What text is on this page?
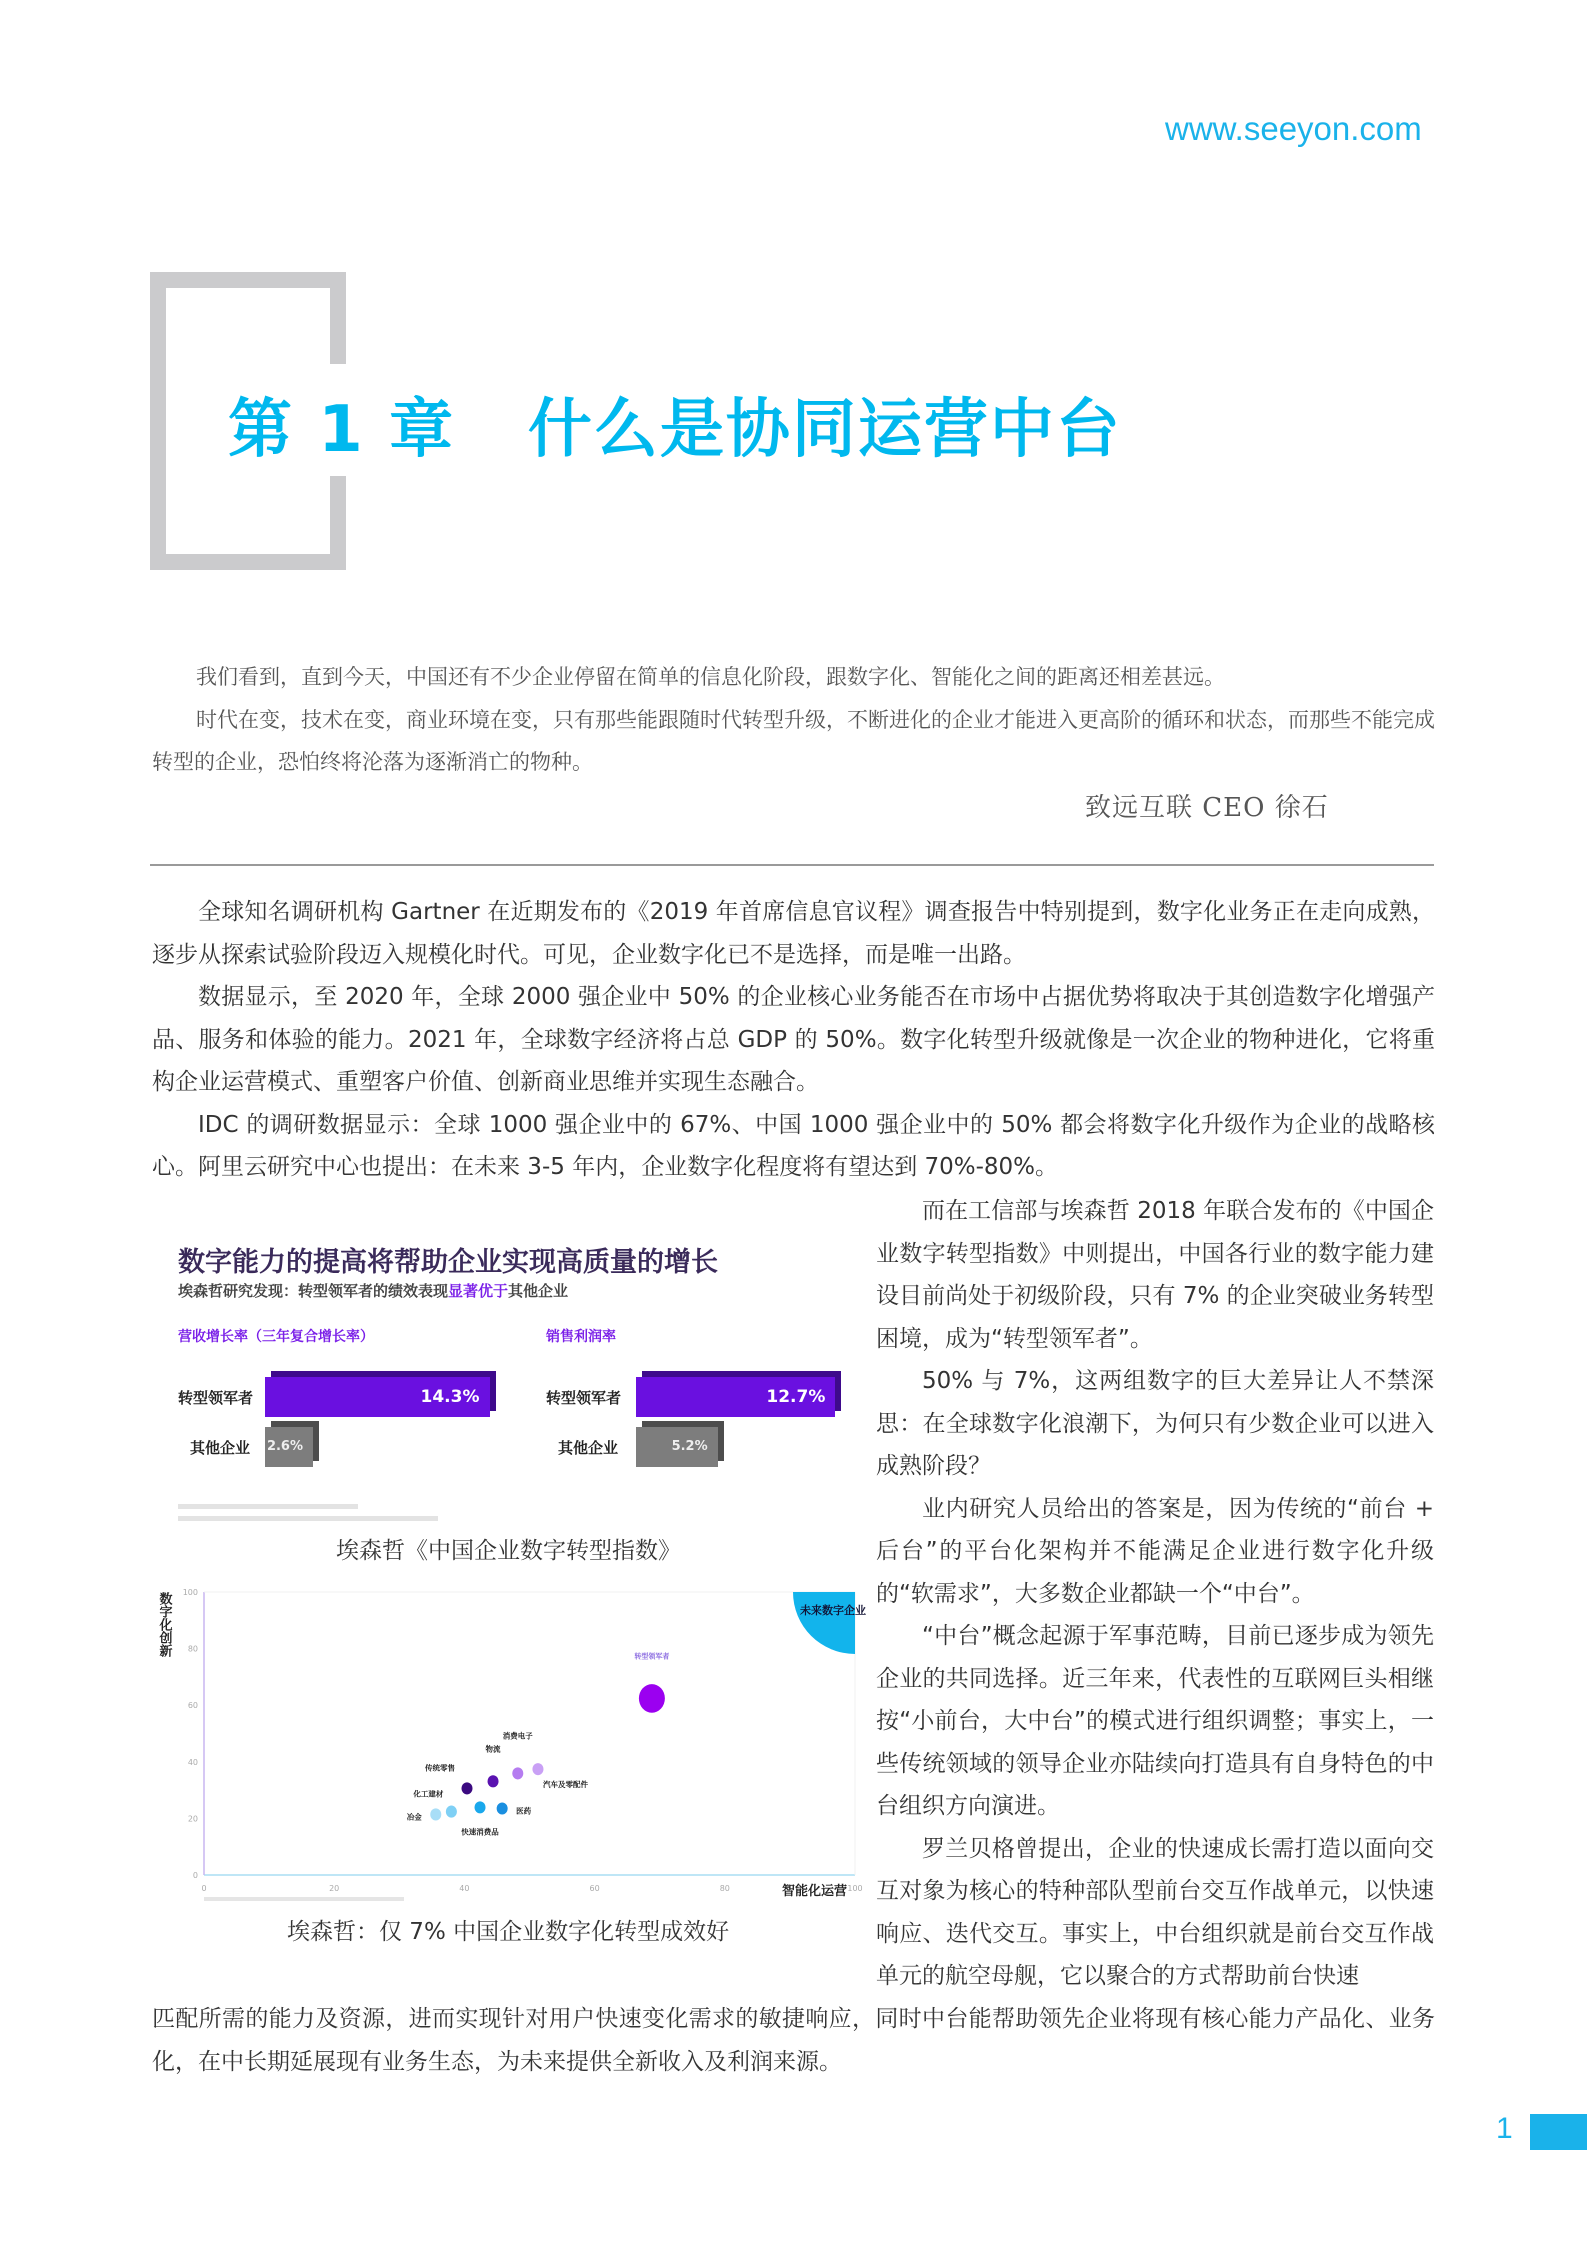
www.seeyon.com
第 1 章   什么是协同运营中台

我们看到，直到今天，中国还有不少企业停留在简单的信息化阶段，跟数字化、智能化之间的距离还相差甚远。

时代在变，技术在变，商业环境在变，只有那些能跟随时代转型升级，不断进化的企业才能进入更高阶的循环和状态，而那些不能完成转型的企业，恐怕终将沦落为逐渐消亡的物种。

致远互联 CEO 徐石

全球知名调研机构 Gartner 在近期发布的《2019 年首席信息官议程》调查报告中特别提到，数字化业务正在走向成熟，逐步从探索试验阶段迈入规模化时代。可见，企业数字化已不是选择，而是唯一出路。

数据显示，至 2020 年，全球 2000 强企业中 50% 的企业核心业务能否在市场中占据优势将取决于其创造数字化增强产品、服务和体验的能力。2021 年，全球数字经济将占总 GDP 的 50%。数字化转型升级就像是一次企业的物种进化，它将重构企业运营模式、重塑客户价值、创新商业思维并实现生态融合。

IDC 的调研数据显示：全球 1000 强企业中的 67%、中国 1000 强企业中的 50% 都会将数字化升级作为企业的战略核心。阿里云研究中心也提出：在未来 3-5 年内，企业数字化程度将有望达到 70%-80%。

数字能力的提高将帮助企业实现高质量的增长
埃森哲研究发现：转型领军者的绩效表现显著优于其他企业
营收增长率（三年复合增长率）	销售利润率
转型领军者	14.3%
其他企业 2.6%
转型领军者	12.7%
其他企业	5.2%
埃森哲《中国企业数字转型指数》
未来数字企业
0	20	40	60	80	100
0
20
40
60
80
100
智能化运营
数字化创新	转型领军者
消费电子
汽车及零配件
物流
传统零售
医药
快速消费品
化工建材
冶金
埃森哲：仅 7% 中国企业数字化转型成效好

而在工信部与埃森哲 2018 年联合发布的《中国企业数字转型指数》中则提出，中国各行业的数字能力建设目前尚处于初级阶段，只有 7% 的企业突破业务转型困境，成为“转型领军者”。

50% 与 7%，这两组数字的巨大差异让人不禁深思：在全球数字化浪潮下，为何只有少数企业可以进入成熟阶段？

业内研究人员给出的答案是，因为传统的“前台 + 后台”的平台化架构并不能满足企业进行数字化升级的“软需求”，大多数企业都缺一个“中台”。

“中台”概念起源于军事范畴，目前已逐步成为领先企业的共同选择。近三年来，代表性的互联网巨头相继按“小前台，大中台”的模式进行组织调整；事实上，一些传统领域的领导企业亦陆续向打造具有自身特色的中台组织方向演进。

罗兰贝格曾提出，企业的快速成长需打造以面向交互对象为核心的特种部队型前台交互作战单元，以快速响应、迭代交互。事实上，中台组织就是前台交互作战单元的航空母舰，它以聚合的方式帮助前台快速

匹配所需的能力及资源，进而实现针对用户快速变化需求的敏捷响应，同时中台能帮助领先企业将现有核心能力产品化、业务化，在中长期延展现有业务生态，为未来提供全新收入及利润来源。
1
